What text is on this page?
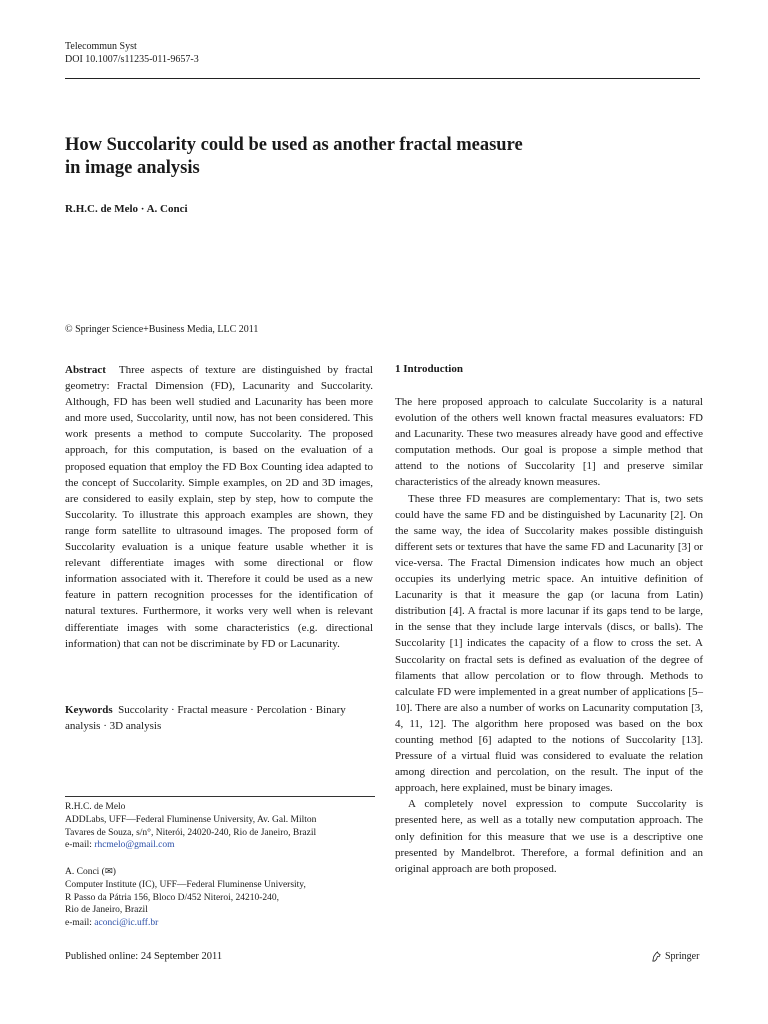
Telecommun Syst
DOI 10.1007/s11235-011-9657-3
How Succolarity could be used as another fractal measure
in image analysis
R.H.C. de Melo · A. Conci
© Springer Science+Business Media, LLC 2011

Abstract Three aspects of texture are distinguished by fractal geometry: Fractal Dimension (FD), Lacunarity and Succolarity. Although, FD has been well studied and Lacunarity has been more and more used, Succolarity, until now, has not been considered. This work presents a method to compute Succolarity. The proposed approach, for this computation, is based on the evaluation of a proposed equation that employ the FD Box Counting idea adapted to the concept of Succolarity. Simple examples, on 2D and 3D images, are considered to easily explain, step by step, how to compute the Succolarity. To illustrate this approach examples are shown, they range form satellite to ultrasound images. The proposed form of Succolarity evaluation is a unique feature usable whether it is relevant differentiate images with some directional or flow information associated with it. Therefore it could be used as a new feature in pattern recognition processes for the identification of natural textures. Furthermore, it works very well when is relevant differentiate images with some characteristics (e.g. directional information) that can not be discriminate by FD or Lacunarity.

Keywords Succolarity · Fractal measure · Percolation · Binary analysis · 3D analysis

R.H.C. de Melo
ADDLabs, UFF—Federal Fluminense University, Av. Gal. Milton
Tavares de Souza, s/n°, Niterói, 24020-240, Rio de Janeiro, Brazil
e-mail: rhcmelo@gmail.com
A. Conci (✉)
Computer Institute (IC), UFF—Federal Fluminense University,
R Passo da Pátria 156, Bloco D/452 Niteroi, 24210-240,
Rio de Janeiro, Brazil
e-mail: aconci@ic.uff.br
1 Introduction

The here proposed approach to calculate Succolarity is a natural evolution of the others well known fractal measures evaluators: FD and Lacunarity. These two measures already have good and effective computation methods. Our goal is propose a simple method that attend to the notions of Succolarity [1] and preserve similar characteristics of the already known measures.

These three FD measures are complementary: That is, two sets could have the same FD and be distinguished by Lacunarity [2]. On the same way, the idea of Succolarity makes possible distinguish different sets or textures that have the same FD and Lacunarity [3] or vice-versa. The Fractal Dimension indicates how much an object occupies its underlying metric space. An intuitive definition of Lacunarity is that it measure the gap (or lacuna from Latin) distribution [4]. A fractal is more lacunar if its gaps tend to be large, in the sense that they include large intervals (discs, or balls). The Succolarity [1] indicates the capacity of a flow to cross the set. A Succolarity on fractal sets is defined as evaluation of the degree of filaments that allow percolation or to flow through. Methods to calculate FD were implemented in a great number of applications [5–10]. There are also a number of works on Lacunarity computation [3, 4, 11, 12]. The algorithm here proposed was based on the box counting method [6] adapted to the notions of Succolarity [13]. Pressure of a virtual fluid was considered to evaluate the relation among direction and percolation, on the result. The input of the approach, here explained, must be binary images.

A completely novel expression to compute Succolarity is presented here, as well as a totally new computation approach. The only definition for this measure that we use is a descriptive one presented by Mandelbrot. Therefore, a formal definition and an original approach are both proposed.

Published online: 24 September 2011	Springer
